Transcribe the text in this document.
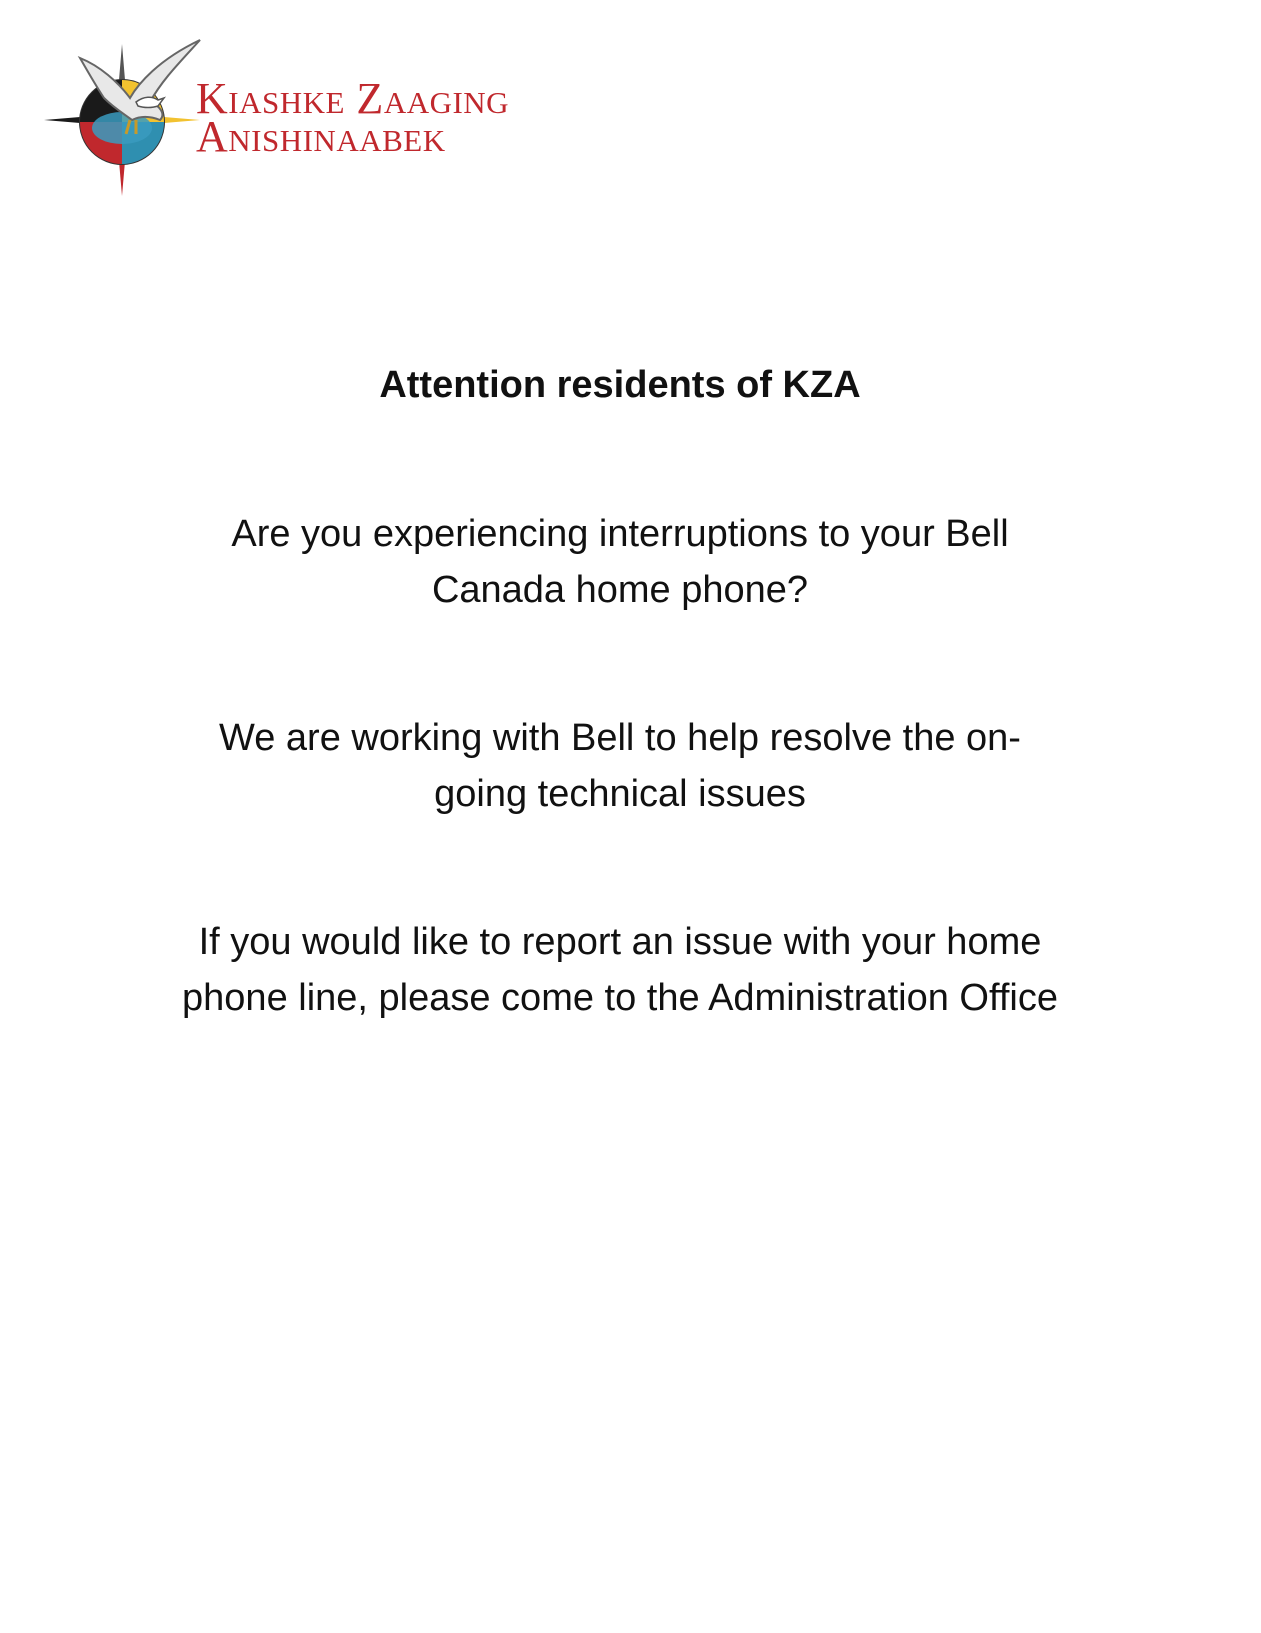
Kiashke Zaaging
Anishinaabek
Attention residents of KZA
Are you experiencing interruptions to your Bell
Canada home phone?
We are working with Bell to help resolve the on-
going technical issues
If you would like to report an issue with your home
phone line, please come to the Administration Office
